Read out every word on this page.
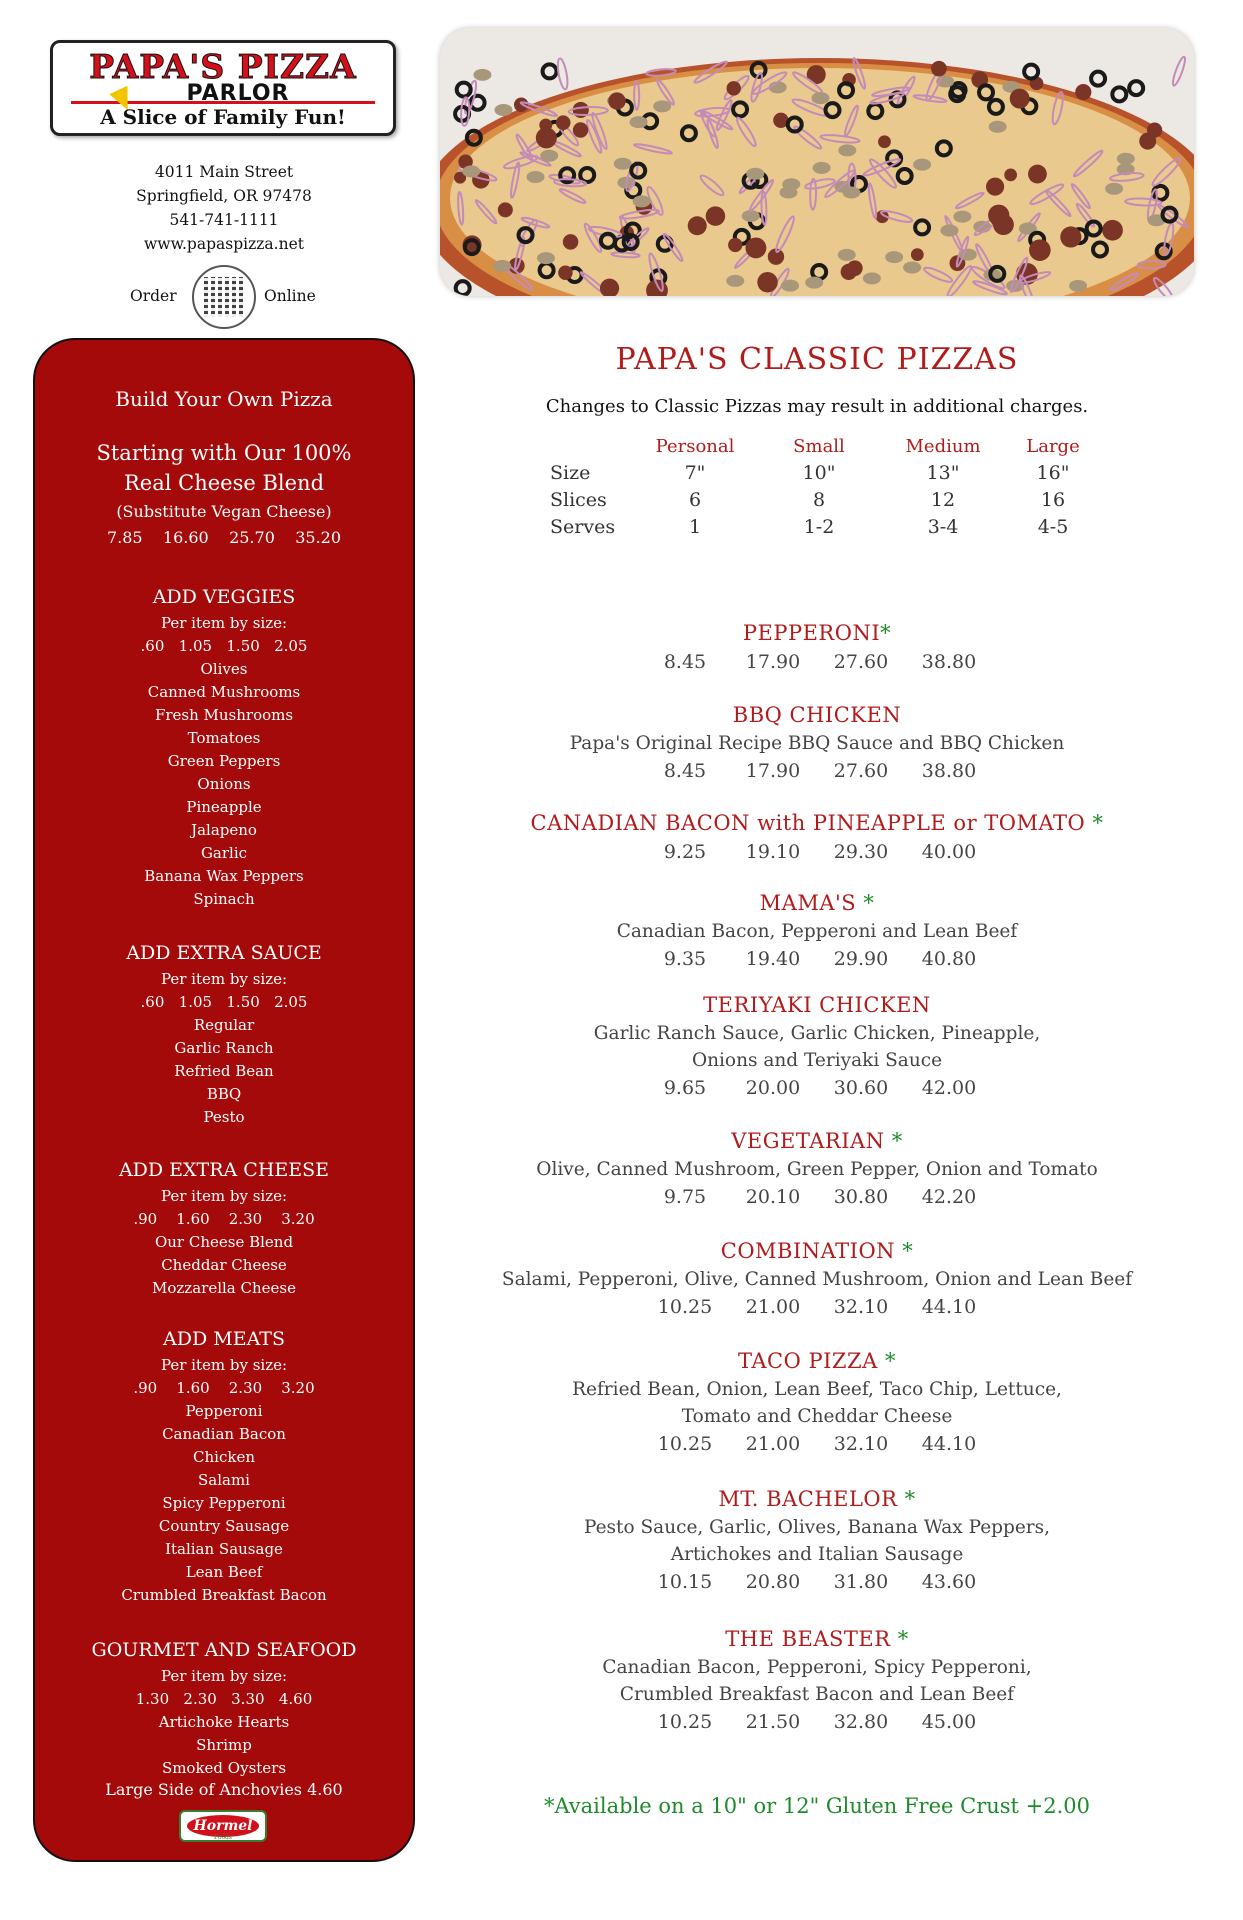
PAPA'S PIZZA
PARLOR
A Slice of Family Fun!
4011 Main Street
Springfield, OR 97478
541-741-1111
www.papaspizza.net
Order	Online
Build Your Own Pizza
Starting with Our 100%
Real Cheese Blend
(Substitute Vegan Cheese)
7.85    16.60    25.70    35.20
ADD VEGGIES
Per item by size:
.60   1.05   1.50   2.05
Olives
Canned Mushrooms
Fresh Mushrooms
Tomatoes
Green Peppers
Onions
Pineapple
Jalapeno
Garlic
Banana Wax Peppers
Spinach
ADD EXTRA SAUCE
Per item by size:
.60   1.05   1.50   2.05
Regular
Garlic Ranch
Refried Bean
BBQ
Pesto
ADD EXTRA CHEESE
Per item by size:
.90    1.60    2.30    3.20
Our Cheese Blend
Cheddar Cheese
Mozzarella Cheese
ADD MEATS
Per item by size:
.90    1.60    2.30    3.20
Pepperoni
Canadian Bacon
Chicken
Salami
Spicy Pepperoni
Country Sausage
Italian Sausage
Lean Beef
Crumbled Breakfast Bacon
GOURMET AND SEAFOOD
Per item by size:
1.30   2.30   3.30   4.60
Artichoke Hearts
Shrimp
Smoked Oysters
Large Side of Anchovies 4.60
Hormel
Foods
PAPA'S CLASSIC PIZZAS
Changes to Classic Pizzas may result in additional charges.
Personal	Small	Medium	Large
Size	7"	10"	13"	16"
Slices	6	8	12	16
Serves	1	1-2	3-4	4-5
PEPPERONI*
8.45 17.90 27.60 38.80
BBQ CHICKEN
Papa's Original Recipe BBQ Sauce and BBQ Chicken
8.45 17.90 27.60 38.80
CANADIAN BACON with PINEAPPLE or TOMATO *
9.25 19.10 29.30 40.00
MAMA'S *
Canadian Bacon, Pepperoni and Lean Beef
9.35 19.40 29.90 40.80
TERIYAKI CHICKEN
Garlic Ranch Sauce, Garlic Chicken, Pineapple,
Onions and Teriyaki Sauce
9.65 20.00 30.60 42.00
VEGETARIAN *
Olive, Canned Mushroom, Green Pepper, Onion and Tomato
9.75 20.10 30.80 42.20
COMBINATION *
Salami, Pepperoni, Olive, Canned Mushroom, Onion and Lean Beef
10.25 21.00 32.10 44.10
TACO PIZZA *
Refried Bean, Onion, Lean Beef, Taco Chip, Lettuce,
Tomato and Cheddar Cheese
10.25 21.00 32.10 44.10
MT. BACHELOR *
Pesto Sauce, Garlic, Olives, Banana Wax Peppers,
Artichokes and Italian Sausage
10.15 20.80 31.80 43.60
THE BEASTER *
Canadian Bacon, Pepperoni, Spicy Pepperoni,
Crumbled Breakfast Bacon and Lean Beef
10.25 21.50 32.80 45.00
*Available on a 10" or 12" Gluten Free Crust +2.00
